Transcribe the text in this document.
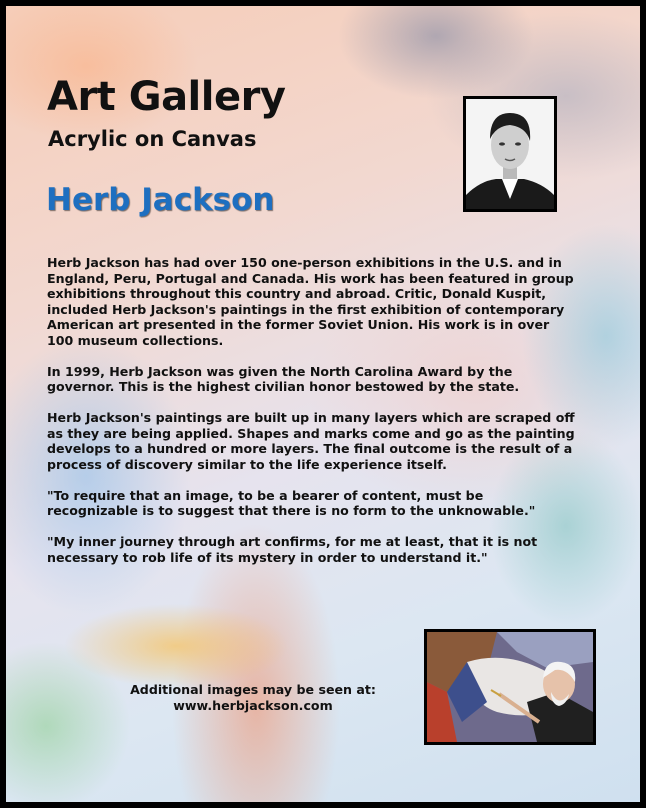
Art Gallery
Acrylic on Canvas
Herb Jackson

Herb Jackson has had over 150 one-person exhibitions in the U.S. and in England, Peru, Portugal and Canada. His work has been featured in group exhibitions throughout this country and abroad. Critic, Donald Kuspit, included Herb Jackson's paintings in the first exhibition of contemporary American art presented in the former Soviet Union. His work is in over 100 museum collections.

In 1999, Herb Jackson was given the North Carolina Award by the governor. This is the highest civilian honor bestowed by the state.

Herb Jackson's paintings are built up in many layers which are scraped off as they are being applied. Shapes and marks come and go as the painting develops to a hundred or more layers. The final outcome is the result of a process of discovery similar to the life experience itself.

"To require that an image, to be a bearer of content, must be recognizable is to suggest that there is no form to the unknowable."

"My inner journey through art confirms, for me at least, that it is not necessary to rob life of its mystery in order to understand it."

Additional images may be seen at:
www.herbjackson.com
